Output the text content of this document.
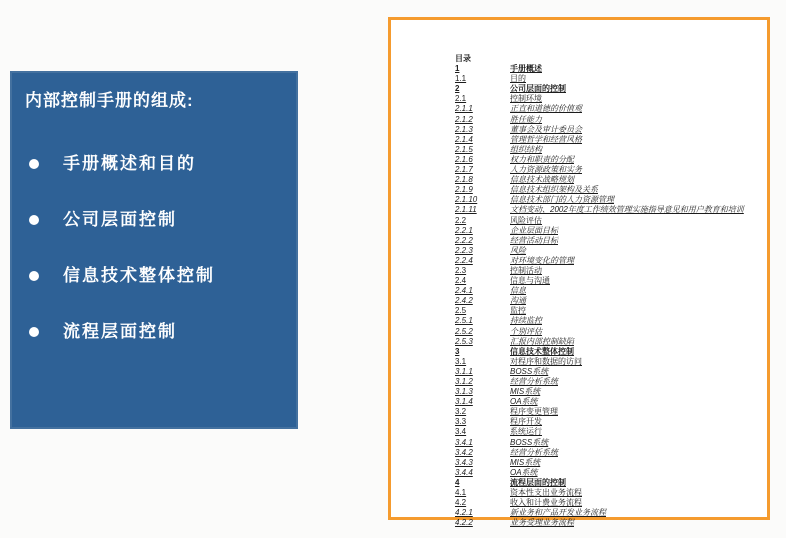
内部控制手册的组成:
手册概述和目的
公司层面控制
信息技术整体控制
流程层面控制
目录
1	手册概述
1.1	目的
2	公司层面的控制
2.1	控制环境
2.1.1	正直和道德的价值观
2.1.2	胜任能力
2.1.3	董事会及审计委员会
2.1.4	管理哲学和经营风格
2.1.5	组织结构
2.1.6	权力和职责的分配
2.1.7	人力资源政策和实务
2.1.8	信息技术战略规划
2.1.9	信息技术组织架构及关系
2.1.10	信息技术部门的人力资源管理
2.1.11	文档变动、2002年度工作绩效管理实施指导意见和用户教育和培训
2.2	风险评估
2.2.1	企业层面目标
2.2.2	经营活动目标
2.2.3	风险
2.2.4	对环境变化的管理
2.3	控制活动
2.4	信息与沟通
2.4.1	信息
2.4.2	沟通
2.5	监控
2.5.1	持续监控
2.5.2	个别评估
2.5.3	汇报内部控制缺陷
3	信息技术整体控制
3.1	对程序和数据的访问
3.1.1	BOSS系统
3.1.2	经营分析系统
3.1.3	MIS系统
3.1.4	OA系统
3.2	程序变更管理
3.3	程序开发
3.4	系统运行
3.4.1	BOSS系统
3.4.2	经营分析系统
3.4.3	MIS系统
3.4.4	OA系统
4	流程层面的控制
4.1	资本性支出业务流程
4.2	收入和计费业务流程
4.2.1	新业务和产品开发业务流程
4.2.2	业务受理业务流程
